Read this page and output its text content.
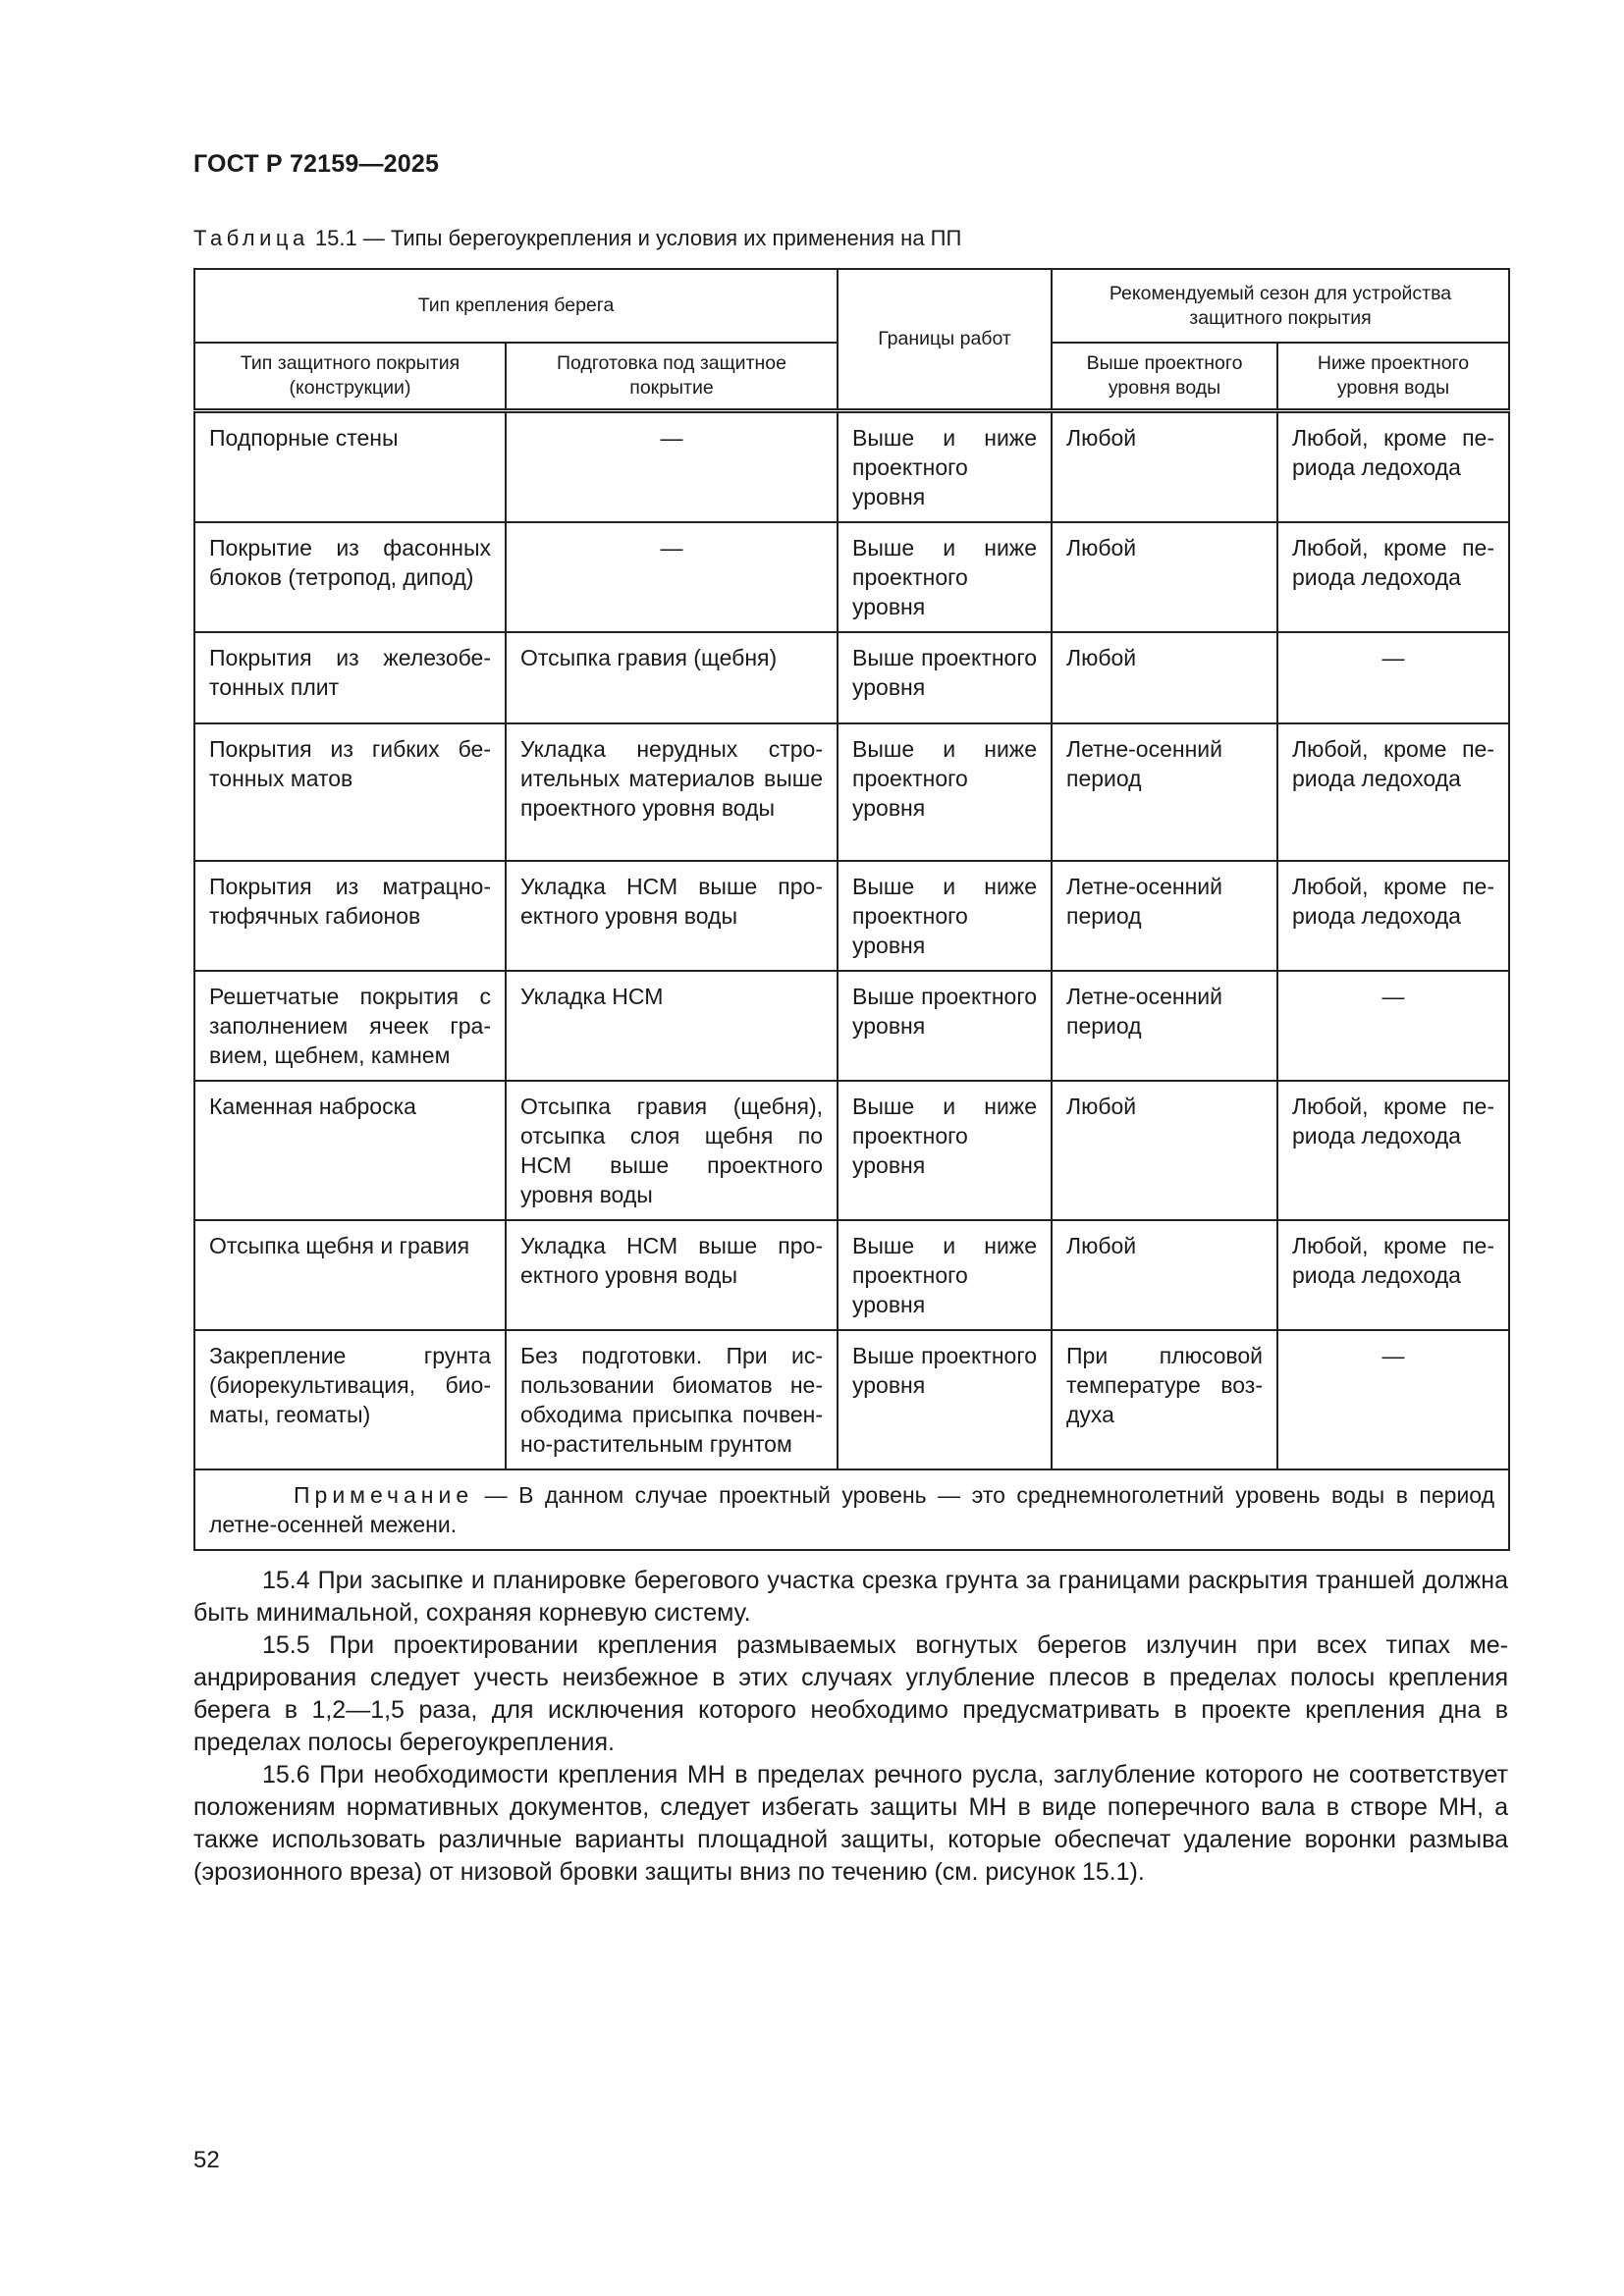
ГОСТ Р 72159—2025
Таблица 15.1 — Типы берегоукрепления и условия их применения на ПП
Тип крепления берега		Границы работ	Рекомендуемый сезон для устройства защитного покрытия	
Тип защитного покрытия (конструкции)	Подготовка под защитное покрытие		Выше проектного уровня воды	Ниже проектного уровня воды
Подпорные стены	—	Выше и ниже проектного уровня	Любой	Любой, кроме периода ледохода
Покрытие из фасонных блоков (тетропод, дипод)	—	Выше и ниже проектного уровня	Любой	Любой, кроме периода ледохода
Покрытия из железобетонных плит	Отсыпка гравия (щебня)	Выше проектного уровня	Любой	—
Покрытия из гибких бетонных матов	Укладка нерудных строительных материалов выше проектного уровня воды	Выше и ниже проектного уровня	Летне-осенний период	Любой, кроме периода ледохода
Покрытия из матрацно-тюфячных габионов	Укладка НСМ выше проектного уровня воды	Выше и ниже проектного уровня	Летне-осенний период	Любой, кроме периода ледохода
Решетчатые покрытия с заполнением ячеек гравием, щебнем, камнем	Укладка НСМ	Выше проектного уровня	Летне-осенний период	—
Каменная наброска	Отсыпка гравия (щебня), отсыпка слоя щебня по НСМ выше проектного уровня воды	Выше и ниже проектного уровня	Любой	Любой, кроме периода ледохода
Отсыпка щебня и гравия	Укладка НСМ выше проектного уровня воды	Выше и ниже проектного уровня	Любой	Любой, кроме периода ледохода
Закрепление грунта (биорекультивация, биоматы, геоматы)	Без подготовки. При использовании биоматов необходима присыпка почвенно-растительным грунтом	Выше проектного уровня	При плюсовой температуре воздуха	—

Примечание — В данном случае проектный уровень — это среднемноголетний уровень воды в период летне-осенней межени.				

15.4 При засыпке и планировке берегового участка срезка грунта за границами раскрытия траншей должна быть минимальной, сохраняя корневую систему.

15.5 При проектировании крепления размываемых вогнутых берегов излучин при всех типах меандрирования следует учесть неизбежное в этих случаях углубление плесов в пределах полосы крепления берега в 1,2—1,5 раза, для исключения которого необходимо предусматривать в проекте крепления дна в пределах полосы берегоукрепления.

15.6 При необходимости крепления МН в пределах речного русла, заглубление которого не соответствует положениям нормативных документов, следует избегать защиты МН в виде поперечного вала в створе МН, а также использовать различные варианты площадной защиты, которые обеспечат удаление воронки размыва (эрозионного вреза) от низовой бровки защиты вниз по течению (см. рисунок 15.1).

52
